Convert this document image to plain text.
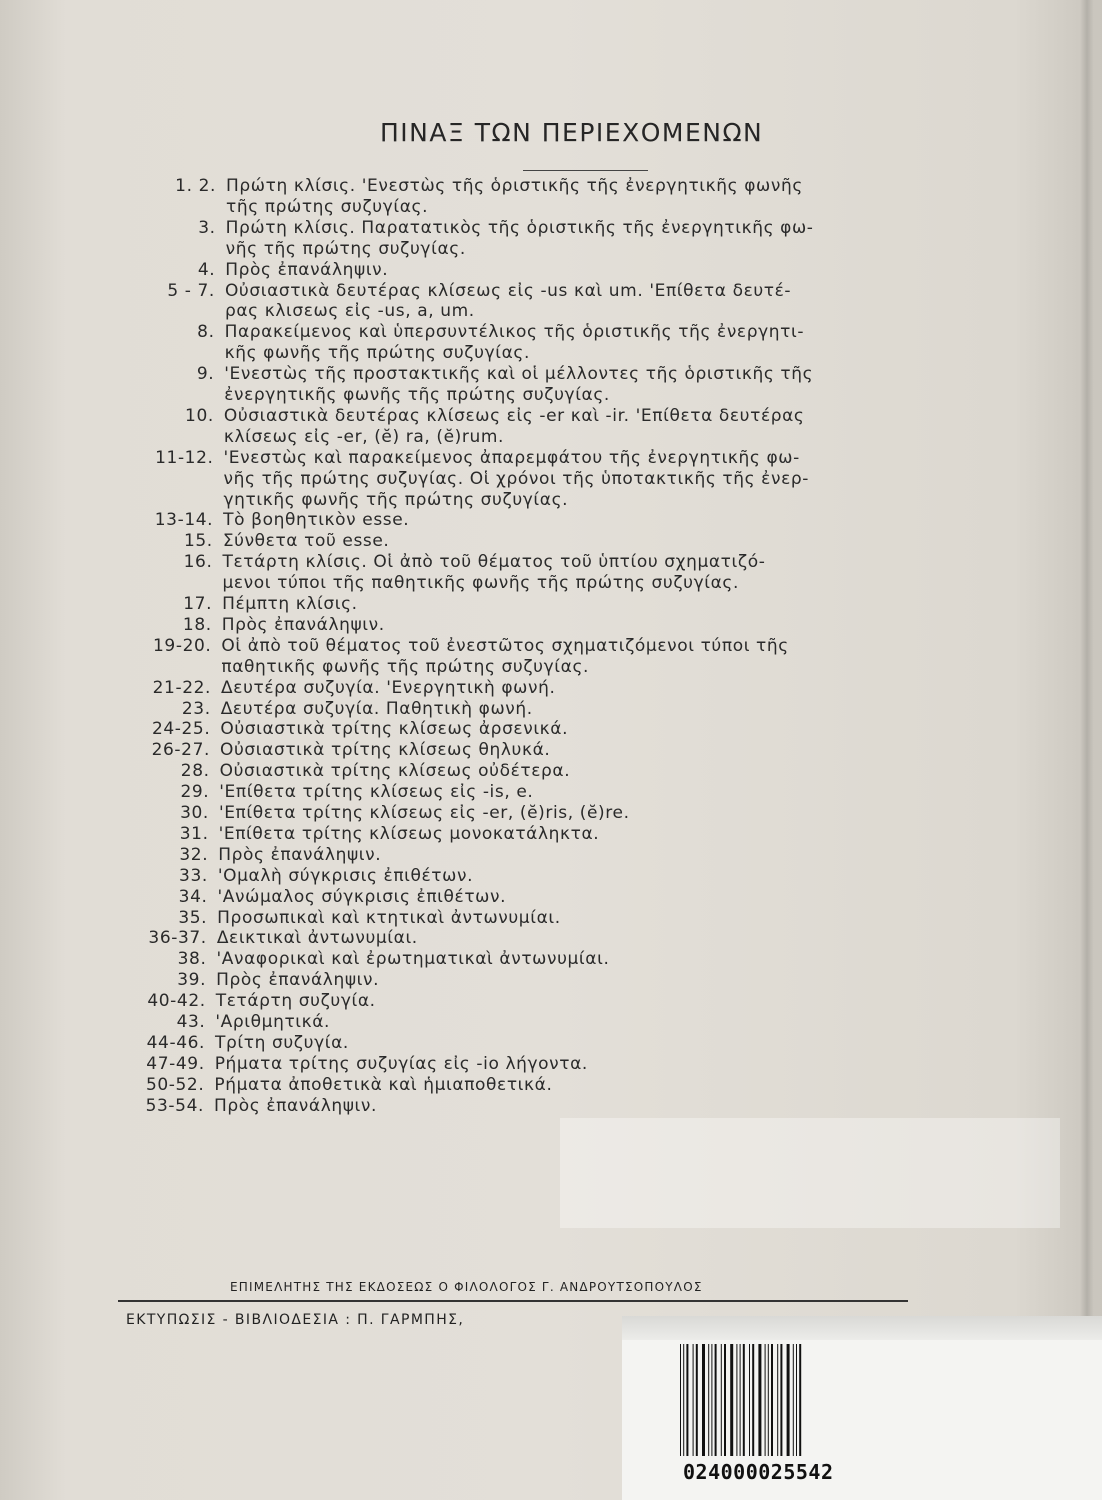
ΠΙΝΑΞ ΤΩΝ ΠΕΡΙΕΧΟΜΕΝΩΝ
1. 2. Πρώτη κλίσις. 'Ενεστὼς τῆς ὁριστικῆς τῆς ἐνεργητικῆς φωνῆς
τῆς πρώτης συζυγίας.
3. Πρώτη κλίσις. Παρατατικὸς τῆς ὁριστικῆς τῆς ἐνεργητικῆς φω-
νῆς τῆς πρώτης συζυγίας.
4. Πρὸς ἐπανάληψιν.
5 - 7. Οὐσιαστικὰ δευτέρας κλίσεως εἰς -us καὶ um. 'Επίθετα δευτέ-
ρας κλισεως εἰς -us, a, um.
8. Παρακείμενος καὶ ὑπερσυντέλικος τῆς ὁριστικῆς τῆς ἐνεργητι-
κῆς φωνῆς τῆς πρώτης συζυγίας.
9. 'Ενεστὼς τῆς προστακτικῆς καὶ οἱ μέλλοντες τῆς ὁριστικῆς τῆς
ἐνεργητικῆς φωνῆς τῆς πρώτης συζυγίας.
10. Οὐσιαστικὰ δευτέρας κλίσεως εἰς -er καὶ -ir. 'Επίθετα δευτέρας
κλίσεως εἰς -er, (ĕ) ra, (ĕ)rum.
11-12. 'Ενεστὼς καὶ παρακείμενος ἀπαρεμφάτου τῆς ἐνεργητικῆς φω-
νῆς τῆς πρώτης συζυγίας. Οἱ χρόνοι τῆς ὑποτακτικῆς τῆς ἐνερ-
γητικῆς φωνῆς τῆς πρώτης συζυγίας.
13-14. Τὸ βοηθητικὸν esse.
15. Σύνθετα τοῦ esse.
16. Τετάρτη κλίσις. Οἱ ἀπὸ τοῦ θέματος τοῦ ὑπτίου σχηματιζό-
μενοι τύποι τῆς παθητικῆς φωνῆς τῆς πρώτης συζυγίας.
17. Πέμπτη κλίσις.
18. Πρὸς ἐπανάληψιν.
19-20. Οἱ ἀπὸ τοῦ θέματος τοῦ ἐνεστῶτος σχηματιζόμενοι τύποι τῆς
παθητικῆς φωνῆς τῆς πρώτης συζυγίας.
21-22. Δευτέρα συζυγία. 'Ενεργητικὴ φωνή.
23. Δευτέρα συζυγία. Παθητικὴ φωνή.
24-25. Οὐσιαστικὰ τρίτης κλίσεως ἀρσενικά.
26-27. Οὐσιαστικὰ τρίτης κλίσεως θηλυκά.
28. Οὐσιαστικὰ τρίτης κλίσεως οὐδέτερα.
29. 'Επίθετα τρίτης κλίσεως εἰς -is, e.
30. 'Επίθετα τρίτης κλίσεως εἰς -er, (ĕ)ris, (ĕ)re.
31. 'Επίθετα τρίτης κλίσεως μονοκατάληκτα.
32. Πρὸς ἐπανάληψιν.
33. 'Ομαλὴ σύγκρισις ἐπιθέτων.
34. 'Ανώμαλος σύγκρισις ἐπιθέτων.
35. Προσωπικαὶ καὶ κτητικαὶ ἀντωνυμίαι.
36-37. Δεικτικαὶ ἀντωνυμίαι.
38. 'Αναφορικαὶ καὶ ἐρωτηματικαὶ ἀντωνυμίαι.
39. Πρὸς ἐπανάληψιν.
40-42. Τετάρτη συζυγία.
43. 'Αριθμητικά.
44-46. Τρίτη συζυγία.
47-49. Ρήματα τρίτης συζυγίας εἰς -io λήγοντα.
50-52. Ρήματα ἀποθετικὰ καὶ ἡμιαποθετικά.
53-54. Πρὸς ἐπανάληψιν.
ΕΠΙΜΕΛΗΤΗΣ ΤΗΣ ΕΚΔΟΣΕΩΣ Ο ΦΙΛΟΛΟΓΟΣ Γ. ΑΝΔΡΟΥΤΣΟΠΟΥΛΟΣ
ΕΚΤΥΠΩΣΙΣ - ΒΙΒΛΙΟΔΕΣΙΑ : Π. ΓΑΡΜΠΗΣ,
024000025542
